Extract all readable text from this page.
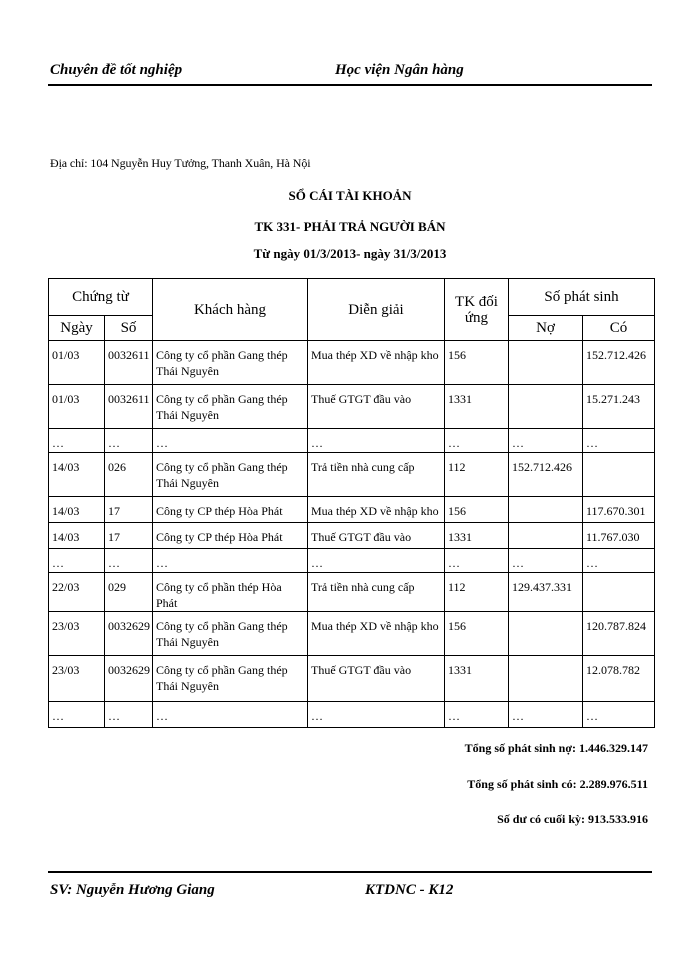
Chuyên đề tốt nghiệp	Học viện Ngân hàng
Địa chỉ: 104 Nguyễn Huy Tưởng, Thanh Xuân, Hà Nội
SỔ CÁI TÀI KHOẢN
TK 331- PHẢI TRẢ NGƯỜI BÁN
Từ ngày 01/3/2013- ngày 31/3/2013
Chứng từ		Khách hàng	Diễn giải	TK đối ứng	Số phát sinh	
Ngày	Số				Nợ	Có
01/03	0032611	Công ty cổ phần Gang thép Thái Nguyên	Mua thép XD về nhập kho	156		152.712.426
01/03	0032611	Công ty cổ phần Gang thép Thái Nguyên	Thuế GTGT đầu vào	1331		15.271.243
…	…	…	…	…	…	…
14/03	026	Công ty cổ phần Gang thép Thái Nguyên	Trả tiền nhà cung cấp	112	152.712.426	
14/03	17	Công ty CP thép Hòa Phát	Mua thép XD về nhập kho	156		117.670.301
14/03	17	Công ty CP thép Hòa Phát	Thuế GTGT đầu vào	1331		11.767.030
…	…	…	…	…	…	…
22/03	029	Công ty cổ phần thép Hòa Phát	Trả tiền nhà cung cấp	112	129.437.331	
23/03	0032629	Công ty cổ phần Gang thép Thái Nguyên	Mua thép XD về nhập kho	156		120.787.824
23/03	0032629	Công ty cổ phần Gang thép Thái Nguyên	Thuế GTGT đầu vào	1331		12.078.782
…	…	…	…	…	…	…
Tổng số phát sinh nợ: 1.446.329.147
Tổng số phát sinh có: 2.289.976.511
Số dư có cuối kỳ: 913.533.916
SV: Nguyễn Hương Giang	KTDNC - K12
